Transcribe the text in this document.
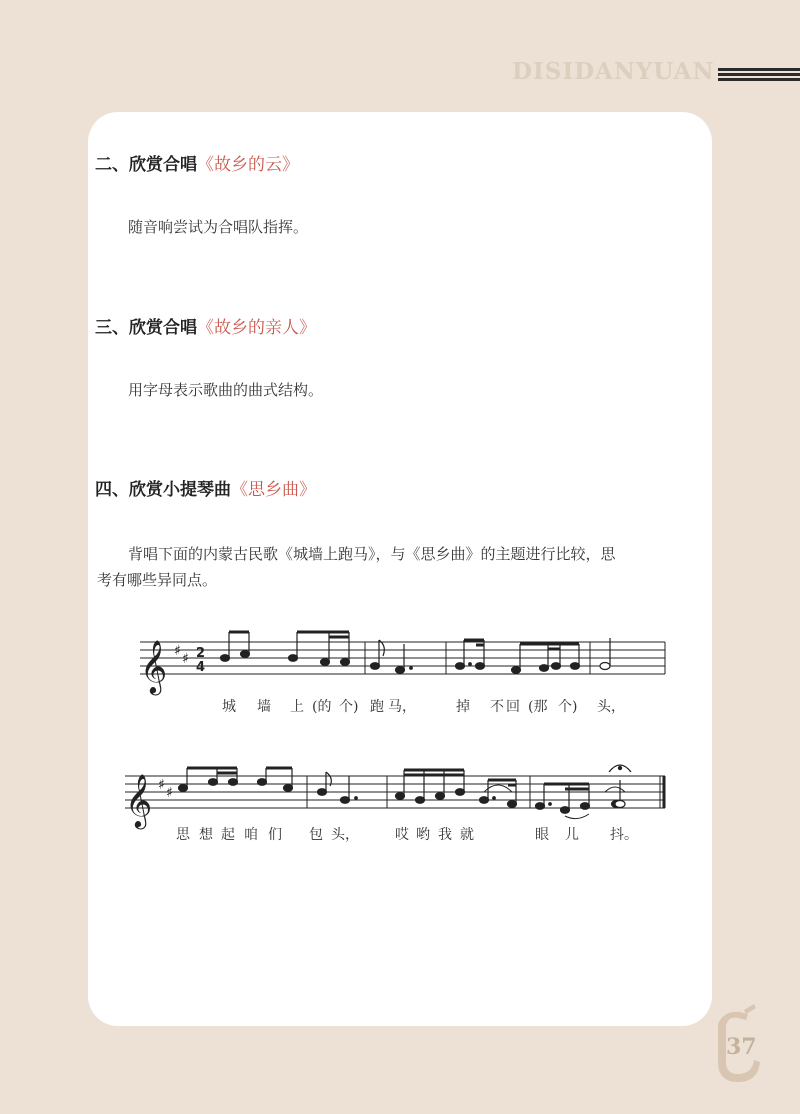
DISIDANYUAN
二、欣赏合唱《故乡的云》
随音响尝试为合唱队指挥。
三、欣赏合唱《故乡的亲人》
用字母表示歌曲的曲式结构。
四、欣赏小提琴曲《思乡曲》
背唱下面的内蒙古民歌《城墙上跑马》，与《思乡曲》的主题进行比较，思
考有哪些异同点。
𝄞
𝄞
♯ ♯
♯ ♯
2
4
城 墙 上 (的 个) 跑 马，	掉 不 回 (那 个) 头，
思 想 起 咱 们 包 头，	哎 哟 我 就	眼 儿 抖。
37
